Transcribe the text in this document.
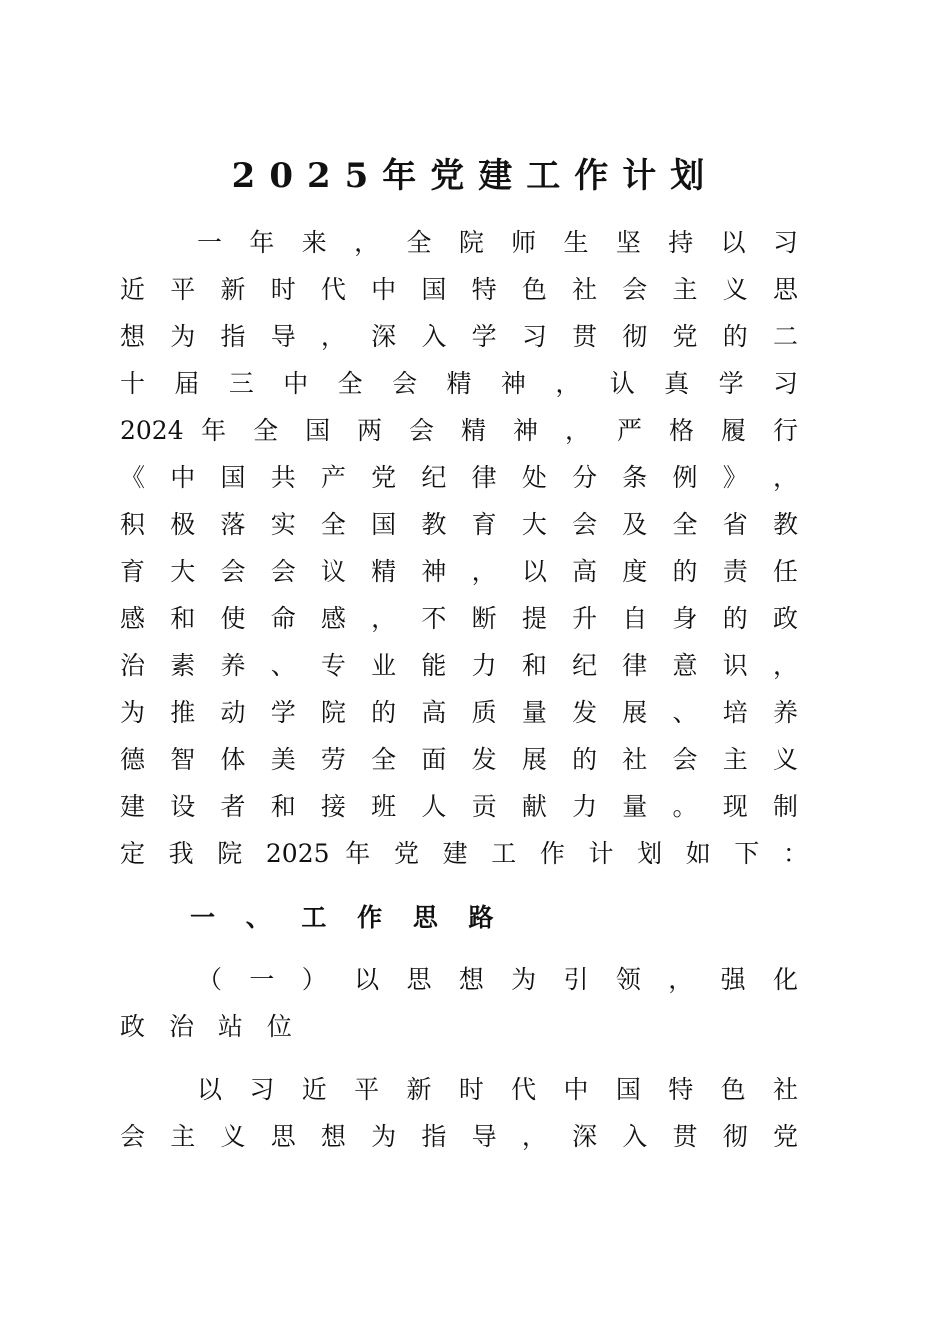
2025年党建工作计划
一 年 来 ， 全 院 师 生 坚 持 以 习
近 平 新 时 代 中 国 特 色 社 会 主 义 思
想 为 指 导 ， 深 入 学 习 贯 彻 党 的 二
十 届 三 中 全 会 精 神 ， 认 真 学 习
2024 年 全 国 两 会 精 神 ， 严 格 履 行
《 中 国 共 产 党 纪 律 处 分 条 例 》 ，
积 极 落 实 全 国 教 育 大 会 及 全 省 教
育 大 会 会 议 精 神 ， 以 高 度 的 责 任
感 和 使 命 感 ， 不 断 提 升 自 身 的 政
治 素 养 、 专 业 能 力 和 纪 律 意 识 ，
为 推 动 学 院 的 高 质 量 发 展 、 培 养
德 智 体 美 劳 全 面 发 展 的 社 会 主 义
建 设 者 和 接 班 人 贡 献 力 量 。 现 制
定 我 院 2025 年 党 建 工 作 计 划 如 下 ：
一 、 工 作 思 路
（ 一 ） 以 思 想 为 引 领 ， 强 化
政 治 站 位
以 习 近 平 新 时 代 中 国 特 色 社
会 主 义 思 想 为 指 导 ， 深 入 贯 彻 党
